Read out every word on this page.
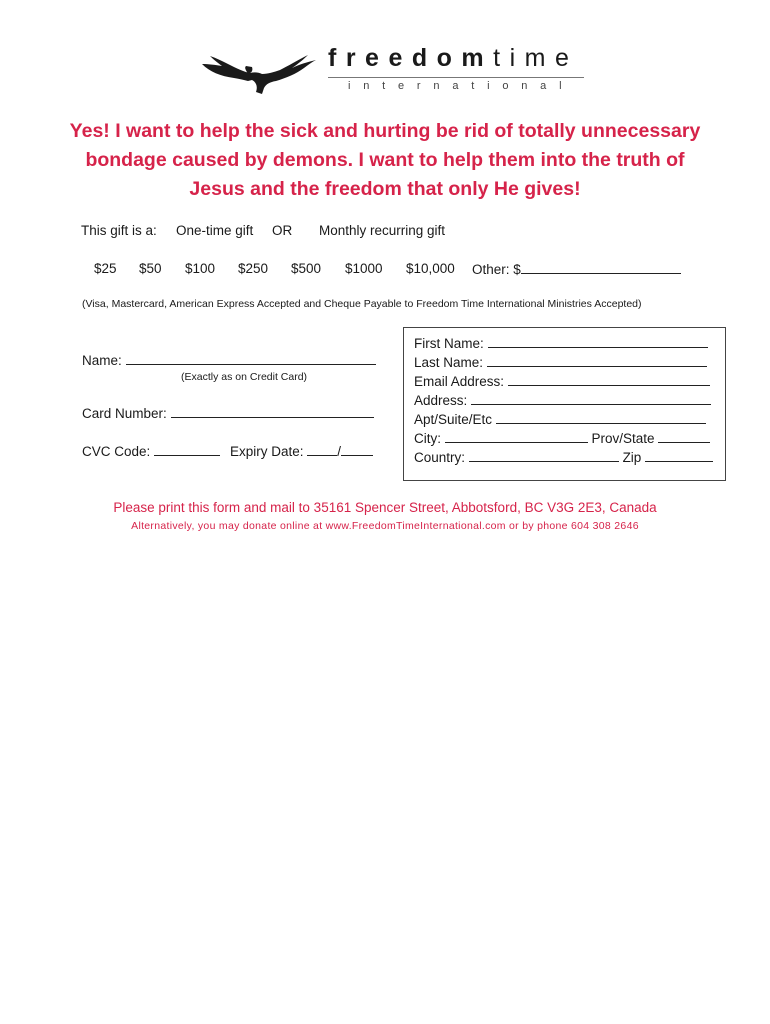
freedomtime
international
Yes! I want to help the sick and hurting be rid of totally unnecessary bondage caused by demons. I want to help them into the truth of Jesus and the freedom that only He gives!
This gift is a: One-time gift OR Monthly recurring gift
$25 $50 $100 $250 $500 $1000 $10,000 Other: $
(Visa, Mastercard, American Express Accepted and Cheque Payable to Freedom Time International Ministries Accepted)
Name:
(Exactly as on Credit Card)
Card Number:
CVC Code:	Expiry Date:	/
First Name:
Last Name:
Email Address:
Address:
Apt/Suite/Etc
City:	Prov/State
Country:	Zip
Please print this form and mail to 35161 Spencer Street, Abbotsford, BC V3G 2E3, Canada
Alternatively, you may donate online at www.FreedomTimeInternational.com or by phone 604 308 2646
